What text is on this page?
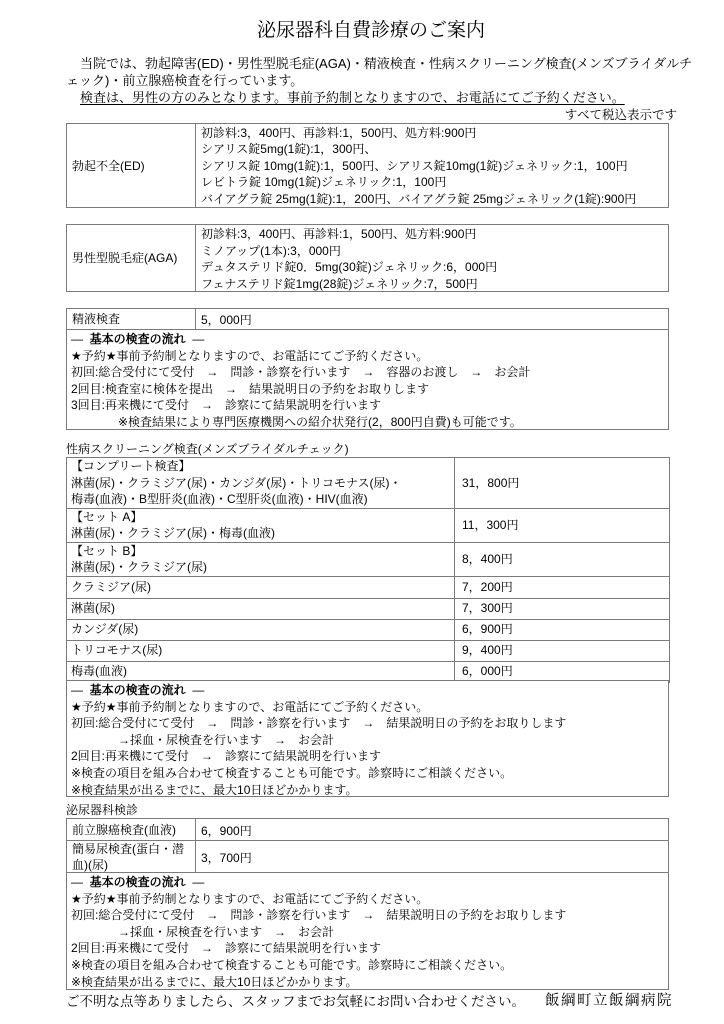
泌尿器科自費診療のご案内
当院では、勃起障害(ED)・男性型脱毛症(AGA)・精液検査・性病スクリーニング検査(メンズブライダルチ
ェック)・前立腺癌検査を行っています。
検査は、男性の方のみとなります。事前予約制となりますので、お電話にてご予約ください。
すべて税込表示です
勃起不全(ED)
初診料:3，400円、再診料:1，500円、処方料:900円
シアリス錠5mg(1錠):1，300円、
シアリス錠 10mg(1錠):1，500円、シアリス錠10mg(1錠)ジェネリック:1，100円
レビトラ錠 10mg(1錠)ジェネリック:1，100円
バイアグラ錠 25mg(1錠):1，200円、バイアグラ錠 25mgジェネリック(1錠):900円
男性型脱毛症(AGA)
初診料:3，400円、再診料:1，500円、処方料:900円
ミノアップ(1本):3，000円
デュタステリド錠0．5mg(30錠)ジェネリック:6，000円
フェナステリド錠1mg(28錠)ジェネリック:7，500円
精液検査	5，000円
― 基本の検査の流れ ―
★予約★事前予約制となりますので、お電話にてご予約ください。
初回:総合受付にて受付　→　問診・診察を行います　→　容器のお渡し　→　お会計
2回目:検査室に検体を提出　→　結果説明日の予約をお取りします
3回目:再来機にて受付　→　診察にて結果説明を行います
※検査結果により専門医療機関への紹介状発行(2，800円自費)も可能です。
性病スクリーニング検査(メンズブライダルチェック)
【コンプリート検査】
淋菌(尿)・クラミジア(尿)・カンジダ(尿)・トリコモナス(尿)・
梅毒(血液)・B型肝炎(血液)・C型肝炎(血液)・HIV(血液)	31，800円

【セット A】
淋菌(尿)・クラミジア(尿)・梅毒(血液)	11，300円

【セット B】
淋菌(尿)・クラミジア(尿)	8，400円
クラミジア(尿)	7，200円
淋菌(尿)	7，300円
カンジダ(尿)	6，900円
トリコモナス(尿)	9，400円
梅毒(血液)	6，000円
― 基本の検査の流れ ―
★予約★事前予約制となりますので、お電話にてご予約ください。
初回:総合受付にて受付　→　問診・診察を行います　→　結果説明日の予約をお取りします
→採血・尿検査を行います　→　お会計
2回目:再来機にて受付　→　診察にて結果説明を行います
※検査の項目を組み合わせて検査することも可能です。診察時にご相談ください。
※検査結果が出るまでに、最大10日ほどかかります。
泌尿器科検診
前立腺癌検査(血液)	6，900円
簡易尿検査(蛋白・潜血)(尿)	3，700円
― 基本の検査の流れ ―
★予約★事前予約制となりますので、お電話にてご予約ください。
初回:総合受付にて受付　→　問診・診察を行います　→　結果説明日の予約をお取りします
→採血・尿検査を行います　→　お会計
2回目:再来機にて受付　→　診察にて結果説明を行います
※検査の項目を組み合わせて検査することも可能です。診察時にご相談ください。
※検査結果が出るまでに、最大10日ほどかかります。
ご不明な点等ありましたら、スタッフまでお気軽にお問い合わせください。 飯綱町立飯綱病院
